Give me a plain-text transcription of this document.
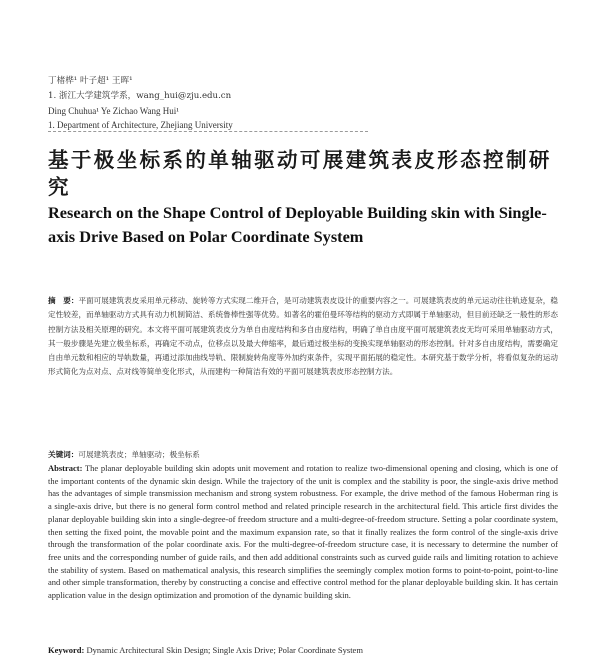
丁楮桦¹ 叶子超¹ 王晖¹
1. 浙江大学建筑学系，wang_hui@zju.edu.cn
Ding Chuhua¹ Ye Zichao Wang Hui¹
1. Department of Architecture, Zhejiang University
基于极坐标系的单轴驱动可展建筑表皮形态控制研究
Research on the Shape Control of Deployable Building skin with Single-axis Drive Based on Polar Coordinate System
摘　要：平面可展建筑表皮采用单元移动、旋转等方式实现二维开合，是可动建筑表皮设计的重要内容之一。可展建筑表皮的单元运动往往轨迹复杂，稳定性较差，而单轴驱动方式具有动力机制简洁、系统鲁棒性强等优势。如著名的霍伯曼环等结构的驱动方式即属于单轴驱动，但目前还缺乏一般性的形态控制方法及相关原理的研究。本文将平面可展建筑表皮分为单自由度结构和多自由度结构，明确了单自由度平面可展建筑表皮无均可采用单轴驱动方式，其一般步骤是先建立极坐标系，再确定不动点，位移点以及最大伸缩率，最后通过极坐标的变换实现单轴驱动的形态控制。针对多自由度结构，需要确定自由单元数和相应的导轨数量，再通过添加曲线导轨、限制旋转角度等外加约束条件，实现平面拓展的稳定性。本研究基于数学分析，将看似复杂的运动形式简化为点对点、点对线等简单变化形式，从而建构一种简洁有效的平面可展建筑表皮形态控制方法。
关键词：可展建筑表皮；单轴驱动；极坐标系
Abstract: The planar deployable building skin adopts unit movement and rotation to realize two-dimensional opening and closing, which is one of the important contents of the dynamic skin design. While the trajectory of the unit is complex and the stability is poor, the single-axis drive method has the advantages of simple transmission mechanism and strong system robustness. For example, the drive method of the famous Hoberman ring is a single-axis drive, but there is no general form control method and related principle research in the architectural field. This article first divides the planar deployable building skin into a single-degree-of freedom structure and a multi-degree-of-freedom structure. Setting a polar coordinate system, then setting the fixed point, the movable point and the maximum expansion rate, so that it finally realizes the form control of the single-axis drive through the transformation of the polar coordinate axis. For the multi-degree-of-freedom structure case, it is necessary to determine the number of free units and the corresponding number of guide rails, and then add additional constraints such as curved guide rails and limiting rotation to achieve the stability of system. Based on mathematical analysis, this research simplifies the seemingly complex motion forms to point-to-point, point-to-line and other simple transformation, thereby by constructing a concise and effective control method for the planar deployable building skin. It has certain application value in the design optimization and promotion of the dynamic building skin.
Keyword: Dynamic Architectural Skin Design; Single Axis Drive; Polar Coordinate System
